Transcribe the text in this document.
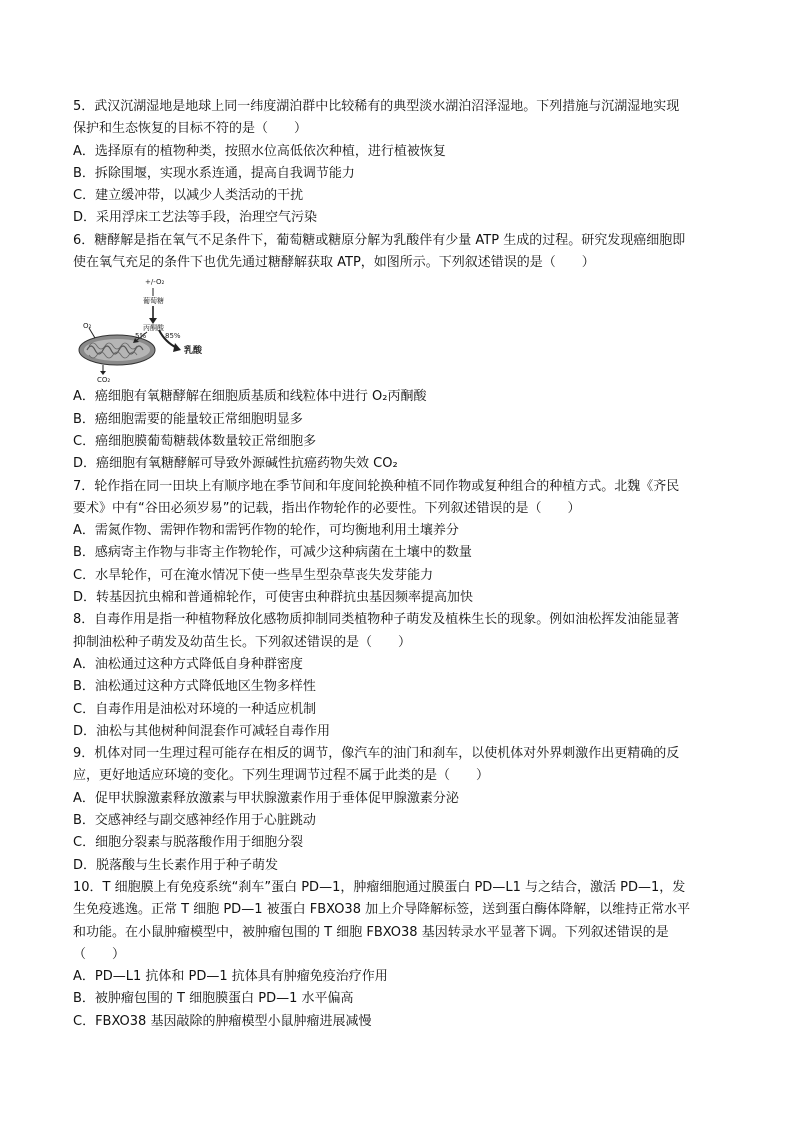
5．武汉沉湖湿地是地球上同一纬度湖泊群中比较稀有的典型淡水湖泊沼泽湿地。下列措施与沉湖湿地实现
保护和生态恢复的目标不符的是（　　）
A．选择原有的植物种类，按照水位高低依次种植，进行植被恢复
B．拆除围堰，实现水系连通，提高自我调节能力
C．建立缓冲带，以减少人类活动的干扰
D．采用浮床工艺法等手段，治理空气污染
6．糖酵解是指在氧气不足条件下，葡萄糖或糖原分解为乳酸伴有少量 ATP 生成的过程。研究发现癌细胞即
使在氧气充足的条件下也优先通过糖酵解获取 ATP，如图所示。下列叙述错误的是（　　）
+/-O₂
葡萄糖
丙酮酸
O₂
5%	85%
乳酸
CO₂
A．癌细胞有氧糖酵解在细胞质基质和线粒体中进行 O₂丙酮酸
B．癌细胞需要的能量较正常细胞明显多
C．癌细胞膜葡萄糖载体数量较正常细胞多
D．癌细胞有氧糖酵解可导致外源碱性抗癌药物失效 CO₂
7．轮作指在同一田块上有顺序地在季节间和年度间轮换种植不同作物或复种组合的种植方式。北魏《齐民
要术》中有“谷田必须岁易”的记载，指出作物轮作的必要性。下列叙述错误的是（　　）
A．需氮作物、需钾作物和需钙作物的轮作，可均衡地利用土壤养分
B．感病寄主作物与非寄主作物轮作，可减少这种病菌在土壤中的数量
C．水旱轮作，可在淹水情况下使一些旱生型杂草丧失发芽能力
D．转基因抗虫棉和普通棉轮作，可使害虫种群抗虫基因频率提高加快
8．自毒作用是指一种植物释放化感物质抑制同类植物种子萌发及植株生长的现象。例如油松挥发油能显著
抑制油松种子萌发及幼苗生长。下列叙述错误的是（　　）
A．油松通过这种方式降低自身种群密度
B．油松通过这种方式降低地区生物多样性
C．自毒作用是油松对环境的一种适应机制
D．油松与其他树种间混套作可减轻自毒作用
9．机体对同一生理过程可能存在相反的调节，像汽车的油门和刹车，以使机体对外界刺激作出更精确的反
应，更好地适应环境的变化。下列生理调节过程不属于此类的是（　　）
A．促甲状腺激素释放激素与甲状腺激素作用于垂体促甲腺激素分泌
B．交感神经与副交感神经作用于心脏跳动
C．细胞分裂素与脱落酸作用于细胞分裂
D．脱落酸与生长素作用于种子萌发
10．T 细胞膜上有免疫系统“刹车”蛋白 PD—1，肿瘤细胞通过膜蛋白 PD—L1 与之结合，激活 PD—1，发
生免疫逃逸。正常 T 细胞 PD—1 被蛋白 FBXO38 加上介导降解标签，送到蛋白酶体降解，以维持正常水平
和功能。在小鼠肿瘤模型中，被肿瘤包围的 T 细胞 FBXO38 基因转录水平显著下调。下列叙述错误的是
（　　）
A．PD—L1 抗体和 PD—1 抗体具有肿瘤免疫治疗作用
B．被肿瘤包围的 T 细胞膜蛋白 PD—1 水平偏高
C．FBXO38 基因敲除的肿瘤模型小鼠肿瘤进展减慢
